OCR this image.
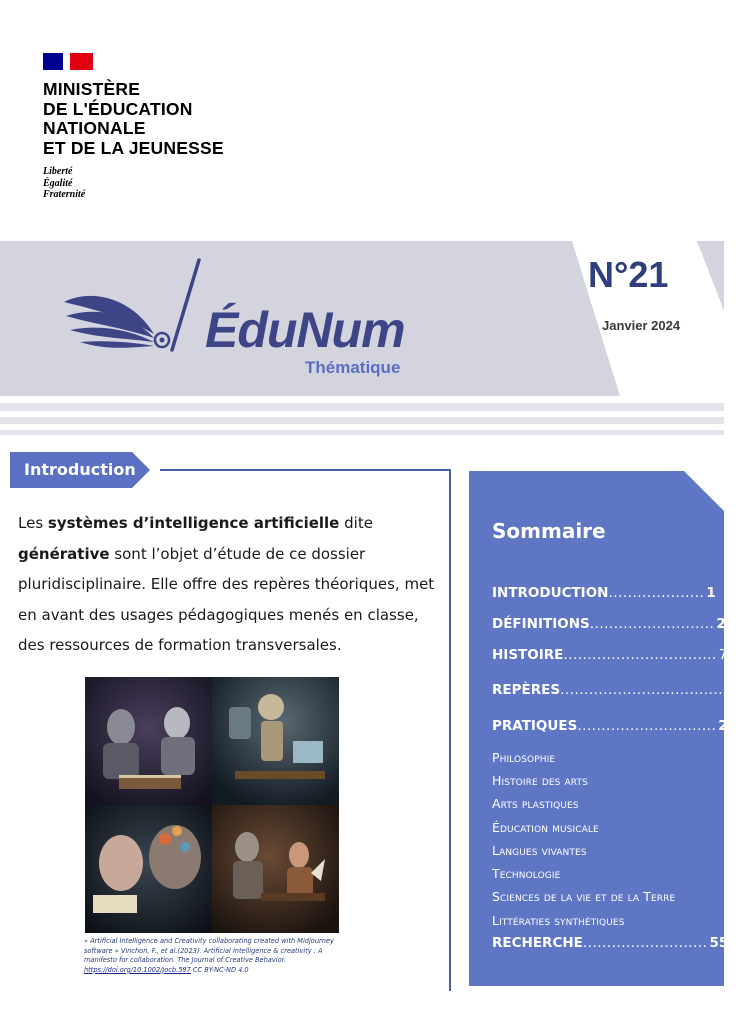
MINISTÈRE
DE L'ÉDUCATION
NATIONALE
ET DE LA JEUNESSE
Liberté
Égalité
Fraternité
ÉduNum
Thématique
N°21
Janvier 2024
Introduction
Les systèmes d’intelligence artificielle dite générative sont l’objet d’étude de ce dossier pluridisciplinaire. Elle offre des repères théoriques, met en avant des usages pédagogiques menés en classe, des ressources de formation transversales.
« Artificial Intelligence and Creativity collaborating created with Midjourney software » Vinchon, F., et al.(2023). Artificial intelligence & creativity : A manifesto for collaboration. The Journal of Creative Behavior. https://doi.org/10.1002/jocb.597 CC BY-NC-ND 4.0
Sommaire
INTRODUCTION .................... 1
DÉFINITIONS .......................... 2
HISTOIRE ................................ 7
REPÈRES ...................................... 9
PRATIQUES ............................. 20
Philosophie
Histoire des arts
Arts plastiques
Éducation musicale
Langues vivantes
Technologie
Sciences de la vie et de la Terre
Littératies synthétiques
RECHERCHE .......................... 55
